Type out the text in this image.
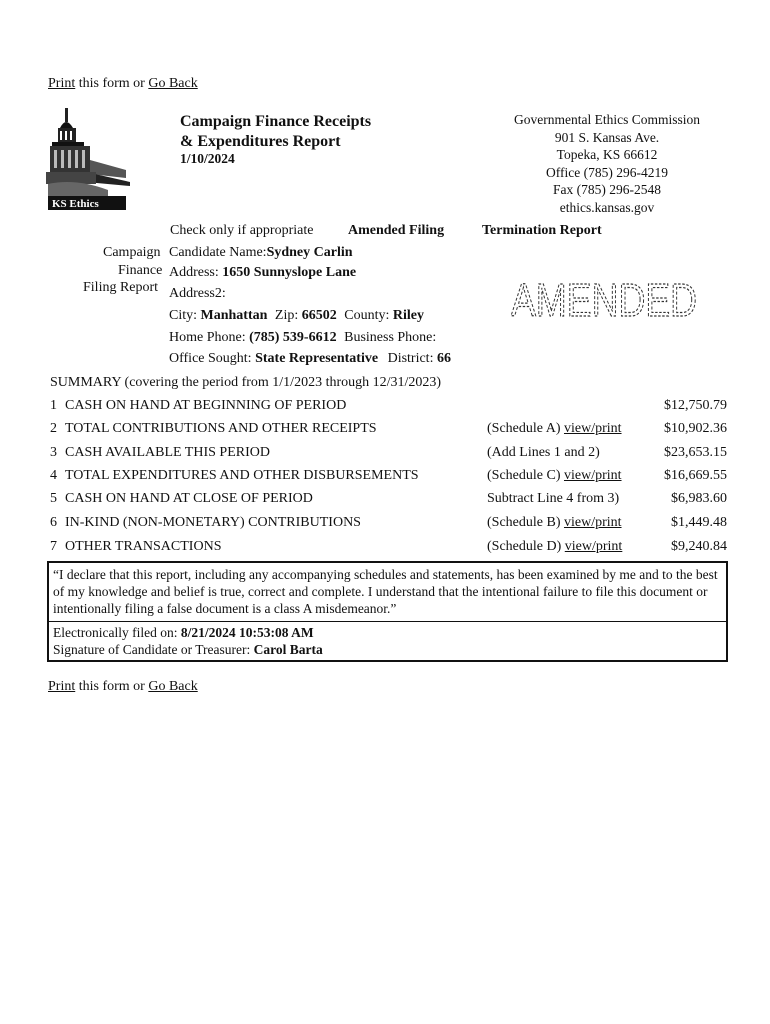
Print this form or Go Back
KS Ethics
Campaign Finance Receipts
& Expenditures Report
1/10/2024
Governmental Ethics Commission
901 S. Kansas Ave.
Topeka, KS 66612
Office (785) 296-4219
Fax (785) 296-2548
ethics.kansas.gov
Check only if appropriate Amended Filing	Termination Report
Campaign
Finance
Filing Report
Candidate Name:Sydney Carlin
Address: 1650 Sunnyslope Lane
Address2:
City: Manhattan Zip: 66502 County: Riley
Home Phone: (785) 539-6612 Business Phone:
Office Sought: State Representative District: 66
AMENDED
SUMMARY (covering the period from 1/1/2023 through 12/31/2023)
1 CASH ON HAND AT BEGINNING OF PERIOD	$12,750.79
2 TOTAL CONTRIBUTIONS AND OTHER RECEIPTS	(Schedule A) view/print	$10,902.36
3 CASH AVAILABLE THIS PERIOD	(Add Lines 1 and 2)	$23,653.15
4 TOTAL EXPENDITURES AND OTHER DISBURSEMENTS	(Schedule C) view/print	$16,669.55
5 CASH ON HAND AT CLOSE OF PERIOD	Subtract Line 4 from 3)	$6,983.60
6 IN-KIND (NON-MONETARY) CONTRIBUTIONS	(Schedule B) view/print	$1,449.48
7 OTHER TRANSACTIONS	(Schedule D) view/print	$9,240.84
“I declare that this report, including any accompanying schedules and statements, has been examined by me and to the best of my knowledge and belief is true, correct and complete. I understand that the intentional failure to file this document or intentionally filing a false document is a class A misdemeanor.”
Electronically filed on: 8/21/2024 10:53:08 AM
Signature of Candidate or Treasurer: Carol Barta
Print this form or Go Back
